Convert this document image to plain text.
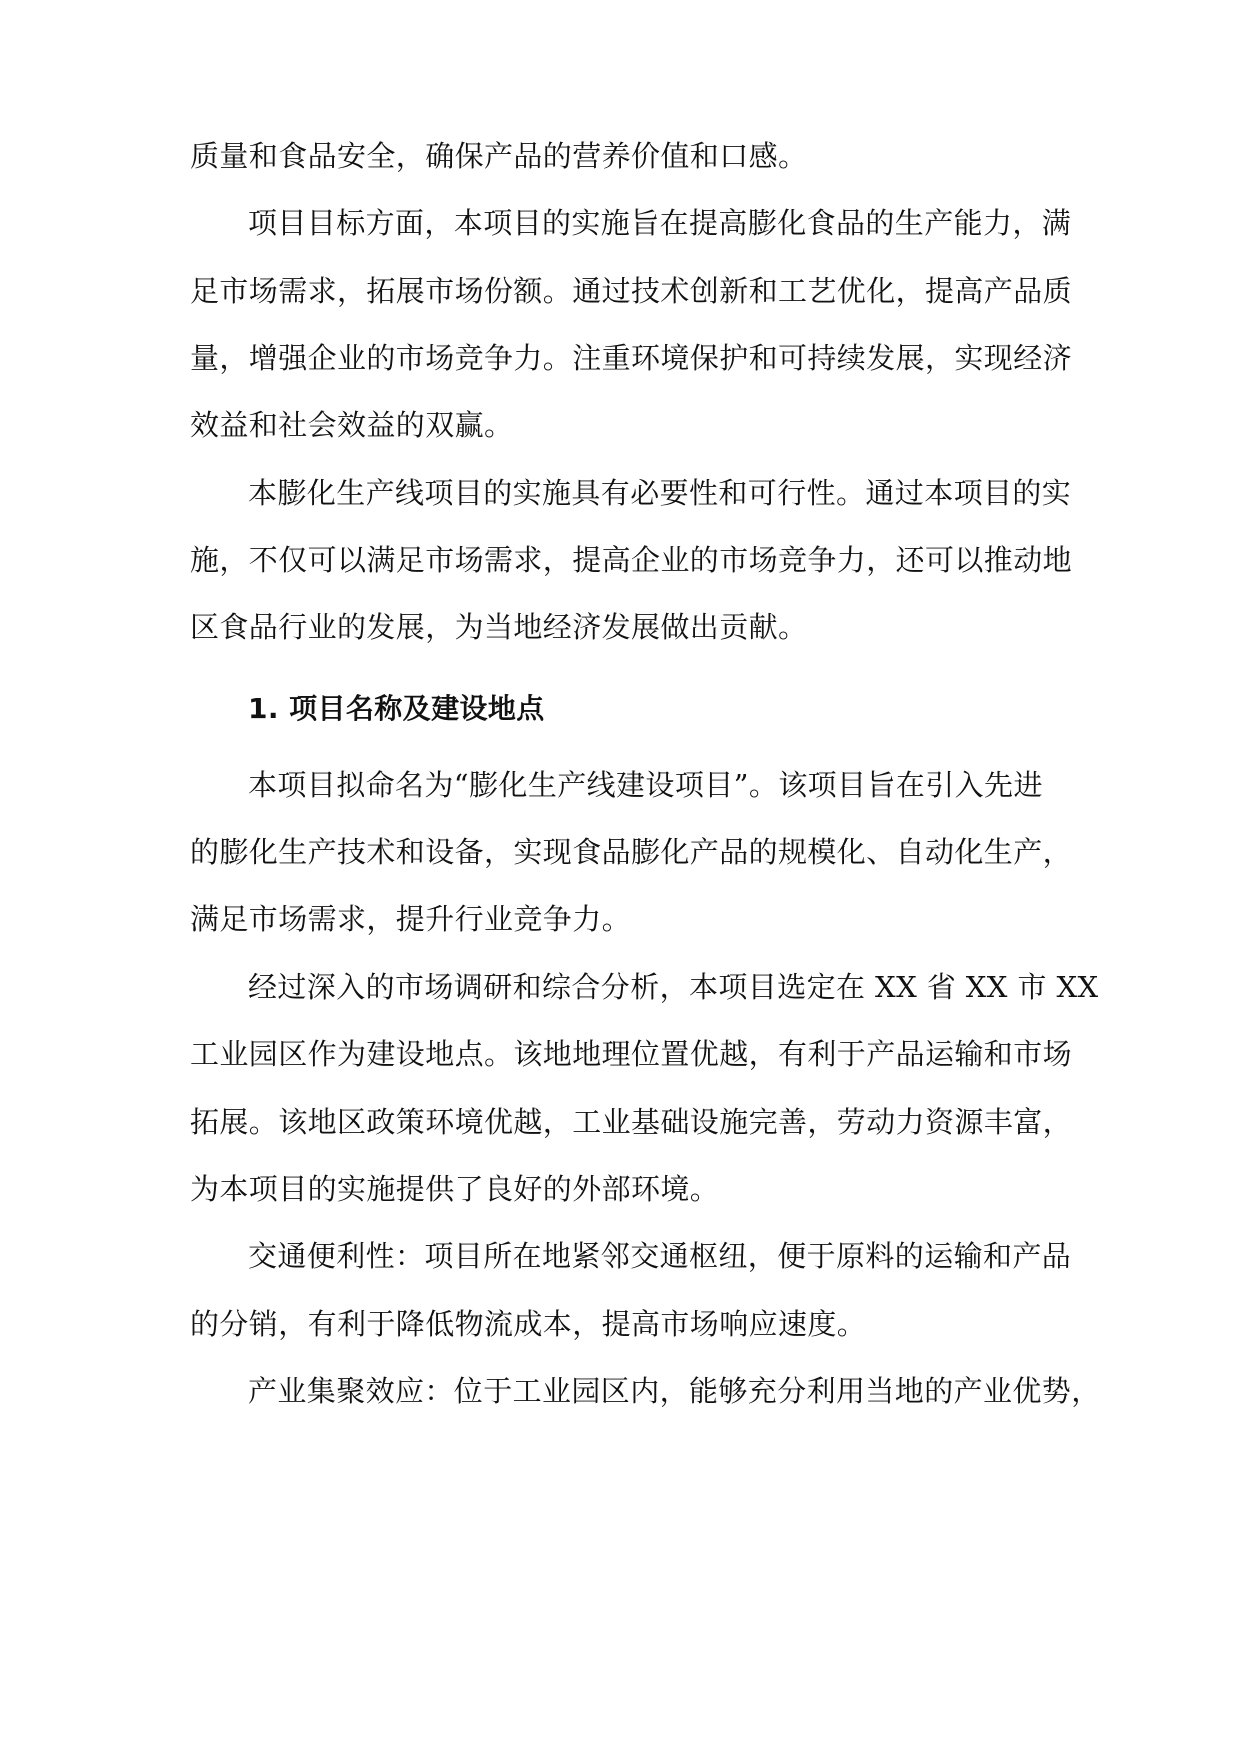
质量和食品安全，确保产品的营养价值和口感。
项目目标方面，本项目的实施旨在提高膨化食品的生产能力，满
足市场需求，拓展市场份额。通过技术创新和工艺优化，提高产品质
量，增强企业的市场竞争力。注重环境保护和可持续发展，实现经济
效益和社会效益的双赢。
本膨化生产线项目的实施具有必要性和可行性。通过本项目的实
施，不仅可以满足市场需求，提高企业的市场竞争力，还可以推动地
区食品行业的发展，为当地经济发展做出贡献。
1. 项目名称及建设地点
本项目拟命名为“膨化生产线建设项目”。该项目旨在引入先进
的膨化生产技术和设备，实现食品膨化产品的规模化、自动化生产，
满足市场需求，提升行业竞争力。
经过深入的市场调研和综合分析，本项目选定在 XX 省 XX 市 XX
工业园区作为建设地点。该地地理位置优越，有利于产品运输和市场
拓展。该地区政策环境优越，工业基础设施完善，劳动力资源丰富，
为本项目的实施提供了良好的外部环境。
交通便利性：项目所在地紧邻交通枢纽，便于原料的运输和产品
的分销，有利于降低物流成本，提高市场响应速度。
产业集聚效应：位于工业园区内，能够充分利用当地的产业优势，
